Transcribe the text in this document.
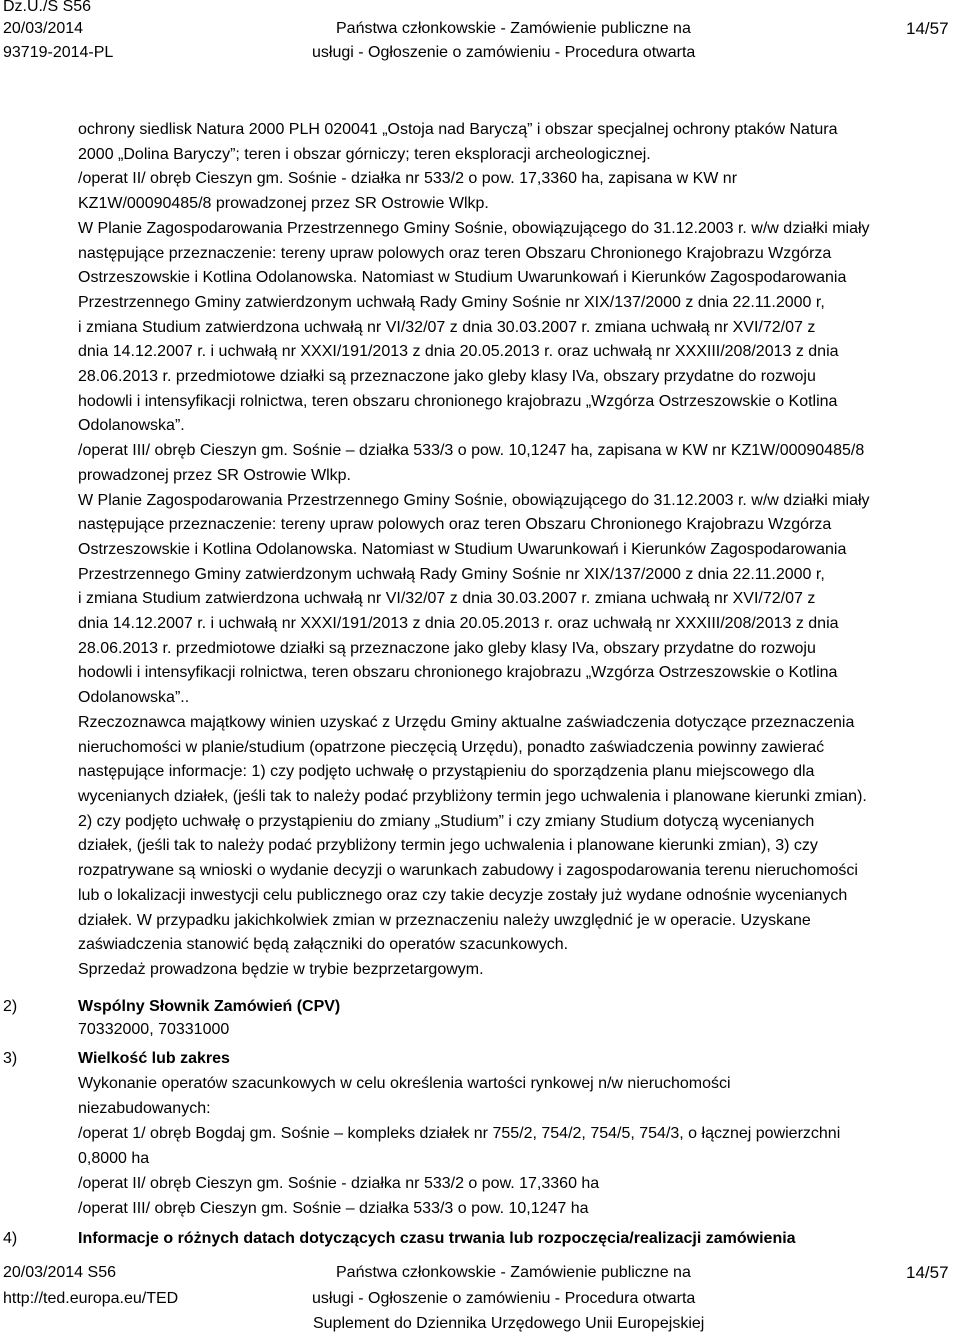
Dz.U./S S56
20/03/2014
93719-2014-PL
Państwa członkowskie - Zamówienie publiczne na
usługi - Ogłoszenie o zamówieniu - Procedura otwarta
14/57

ochrony siedlisk Natura 2000 PLH 020041 „Ostoja nad Baryczą” i obszar specjalnej ochrony ptaków Natura

2000 „Dolina Baryczy”; teren i obszar górniczy; teren eksploracji archeologicznej.

/operat II/ obręb Cieszyn gm. Sośnie - działka nr 533/2 o pow. 17,3360 ha, zapisana w KW nr

KZ1W/00090485/8 prowadzonej przez SR Ostrowie Wlkp.

W Planie Zagospodarowania Przestrzennego Gminy Sośnie, obowiązującego do 31.12.2003 r. w/w działki miały

następujące przeznaczenie: tereny upraw polowych oraz teren Obszaru Chronionego Krajobrazu Wzgórza

Ostrzeszowskie i Kotlina Odolanowska. Natomiast w Studium Uwarunkowań i Kierunków Zagospodarowania

Przestrzennego Gminy zatwierdzonym uchwałą Rady Gminy Sośnie nr XIX/137/2000 z dnia 22.11.2000 r,

i zmiana Studium zatwierdzona uchwałą nr VI/32/07 z dnia 30.03.2007 r. zmiana uchwałą nr XVI/72/07 z

dnia 14.12.2007 r. i uchwałą nr XXXI/191/2013 z dnia 20.05.2013 r. oraz uchwałą nr XXXIII/208/2013 z dnia

28.06.2013 r. przedmiotowe działki są przeznaczone jako gleby klasy IVa, obszary przydatne do rozwoju

hodowli i intensyfikacji rolnictwa, teren obszaru chronionego krajobrazu „Wzgórza Ostrzeszowskie o Kotlina

Odolanowska”.

/operat III/ obręb Cieszyn gm. Sośnie – działka 533/3 o pow. 10,1247 ha, zapisana w KW nr KZ1W/00090485/8

prowadzonej przez SR Ostrowie Wlkp.

W Planie Zagospodarowania Przestrzennego Gminy Sośnie, obowiązującego do 31.12.2003 r. w/w działki miały

następujące przeznaczenie: tereny upraw polowych oraz teren Obszaru Chronionego Krajobrazu Wzgórza

Ostrzeszowskie i Kotlina Odolanowska. Natomiast w Studium Uwarunkowań i Kierunków Zagospodarowania

Przestrzennego Gminy zatwierdzonym uchwałą Rady Gminy Sośnie nr XIX/137/2000 z dnia 22.11.2000 r,

i zmiana Studium zatwierdzona uchwałą nr VI/32/07 z dnia 30.03.2007 r. zmiana uchwałą nr XVI/72/07 z

dnia 14.12.2007 r. i uchwałą nr XXXI/191/2013 z dnia 20.05.2013 r. oraz uchwałą nr XXXIII/208/2013 z dnia

28.06.2013 r. przedmiotowe działki są przeznaczone jako gleby klasy IVa, obszary przydatne do rozwoju

hodowli i intensyfikacji rolnictwa, teren obszaru chronionego krajobrazu „Wzgórza Ostrzeszowskie o Kotlina

Odolanowska”..

Rzeczoznawca majątkowy winien uzyskać z Urzędu Gminy aktualne zaświadczenia dotyczące przeznaczenia

nieruchomości w planie/studium (opatrzone pieczęcią Urzędu), ponadto zaświadczenia powinny zawierać

następujące informacje: 1) czy podjęto uchwałę o przystąpieniu do sporządzenia planu miejscowego dla

wycenianych działek, (jeśli tak to należy podać przybliżony termin jego uchwalenia i planowane kierunki zmian).

2) czy podjęto uchwałę o przystąpieniu do zmiany „Studium” i czy zmiany Studium dotyczą wycenianych

działek, (jeśli tak to należy podać przybliżony termin jego uchwalenia i planowane kierunki zmian), 3) czy

rozpatrywane są wnioski o wydanie decyzji o warunkach zabudowy i zagospodarowania terenu nieruchomości

lub o lokalizacji inwestycji celu publicznego oraz czy takie decyzje zostały już wydane odnośnie wycenianych

działek. W przypadku jakichkolwiek zmian w przeznaczeniu należy uwzględnić je w operacie. Uzyskane

zaświadczenia stanowić będą załączniki do operatów szacunkowych.

Sprzedaż prowadzona będzie w trybie bezprzetargowym.

2)	Wspólny Słownik Zamówień (CPV)
70332000, 70331000
3)	Wielkość lub zakres
Wykonanie operatów szacunkowych w celu określenia wartości rynkowej n/w nieruchomości
niezabudowanych:
/operat 1/ obręb Bogdaj gm. Sośnie – kompleks działek nr 755/2, 754/2, 754/5, 754/3, o łącznej powierzchni
0,8000 ha
/operat II/ obręb Cieszyn gm. Sośnie - działka nr 533/2 o pow. 17,3360 ha
/operat III/ obręb Cieszyn gm. Sośnie – działka 533/3 o pow. 10,1247 ha
4)	Informacje o różnych datach dotyczących czasu trwania lub rozpoczęcia/realizacji zamówienia
20/03/2014 S56
http://ted.europa.eu/TED
Państwa członkowskie - Zamówienie publiczne na
usługi - Ogłoszenie o zamówieniu - Procedura otwarta
Suplement do Dziennika Urzędowego Unii Europejskiej
14/57
